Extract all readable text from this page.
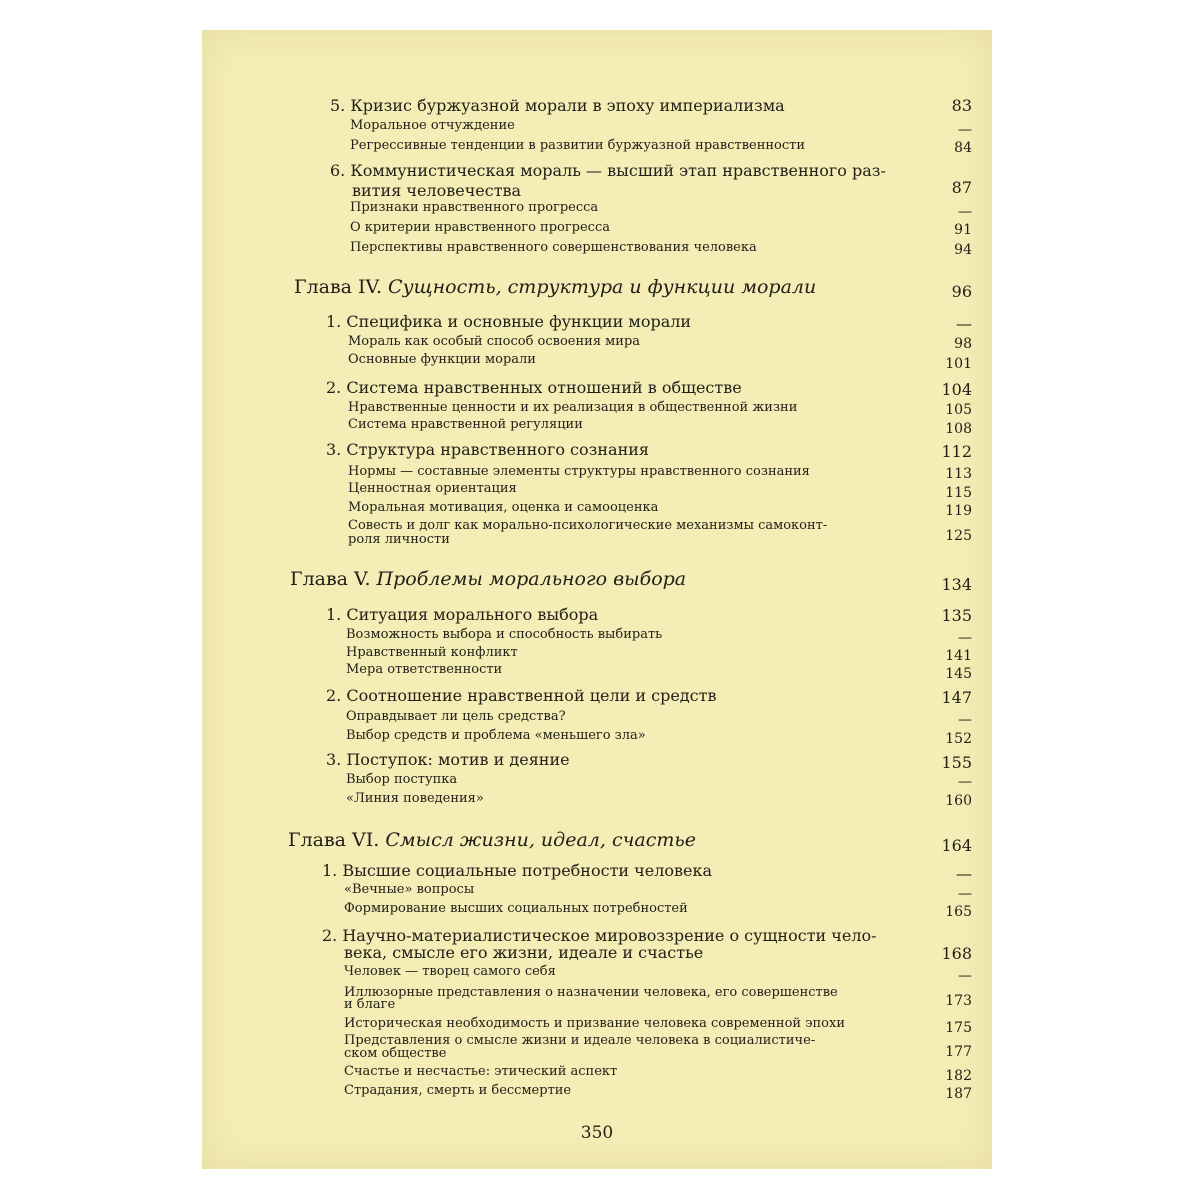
5. Кризис буржуазной морали в эпоху империализма	83
Моральное отчуждение	—
Регрессивные тенденции в развитии буржуазной нравственности	84
6. Коммунистическая мораль — высший этап нравственного раз-
вития человечества	87
Признаки нравственного прогресса	—
О критерии нравственного прогресса	91
Перспективы нравственного совершенствования человека	94
Глава IV. Сущность, структура и функции морали	96
1. Специфика и основные функции морали	—
Мораль как особый способ освоения мира	98
Основные функции морали	101
2. Система нравственных отношений в обществе	104
Нравственные ценности и их реализация в общественной жизни	105
Система нравственной регуляции	108
3. Структура нравственного сознания	112
Нормы — составные элементы структуры нравственного сознания	113
Ценностная ориентация	115
Моральная мотивация, оценка и самооценка	119
Совесть и долг как морально-психологические механизмы самоконт-
роля личности	125
Глава V. Проблемы морального выбора	134
1. Ситуация морального выбора	135
Возможность выбора и способность выбирать	—
Нравственный конфликт	141
Мера ответственности	145
2. Соотношение нравственной цели и средств	147
Оправдывает ли цель средства?	—
Выбор средств и проблема «меньшего зла»	152
3. Поступок: мотив и деяние	155
Выбор поступка	—
«Линия поведения»	160
Глава VI. Смысл жизни, идеал, счастье	164
1. Высшие социальные потребности человека	—
«Вечные» вопросы	—
Формирование высших социальных потребностей	165
2. Научно-материалистическое мировоззрение о сущности чело-
века, смысле его жизни, идеале и счастье	168
Человек — творец самого себя	—
Иллюзорные представления о назначении человека, его совершенстве
и благе	173
Историческая необходимость и призвание человека современной эпохи	175
Представления о смысле жизни и идеале человека в социалистиче-
ском обществе	177
Счастье и несчастье: этический аспект	182
Страдания, смерть и бессмертие	187
350
